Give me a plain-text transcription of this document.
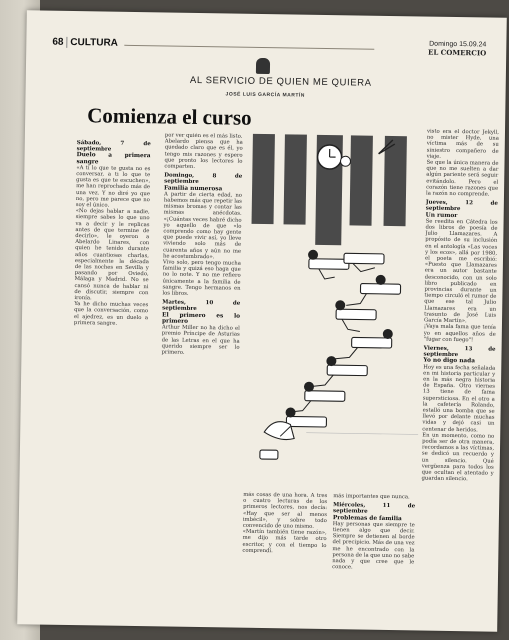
68 CULTURA	Domingo 15.09.24
EL COMERCIO
AL SERVICIO DE QUIEN ME QUIERA
JOSÉ LUIS GARCÍA MARTÍN
Comienza el curso
Sábado, 7 de septiembre
Duelo a primera sangre

«A tí lo que te gusta no es conversar, a ti lo que te gusta es que te escuchen», me han reprochado más de una vez. Y no diré yo que no, pero me parece que no soy el único.

«No dejas hablar a nadie, siempre sabes lo que uno va a decir y le replicas antes de que termine de decirlo», le oyeron a Abelardo Linares, con quien he tenido durante años cuantiosas charlas, especialmente la década de las noches en Sevilla y pasando por Oviedo, Málaga y Madrid. No se cansó nunca de hablar ni de discutir, siempre con ironía.

Ya he dicho muchas veces que la conversación, como el ajedrez, es un duelo a primera sangre.

por ver quién es el más listo.

Abelardo piensa que ha quedado claro que es él, yo tengo mis razones y espero que pronto los lectores lo comparten.

Domingo, 8 de septiembre
Familia numerosa

A partir de cierta edad, no habemos más que repetir las mismas bromas y contar las mismas anécdotas. «¡Cuántas veces habré dicho yo aquello de que «lo comprendo como hay gente que puede vivir así, yo lleve viviendo solo más de cuarenta años y aún no me he acostumbrado».

Vivo solo, pero tengo mucha familia y quizá eso haga que no lo note. Y no me refiero únicamente a la familia de sangre. Tengo hermanos en los libros.

Martes, 10 de septiembre
El primero es lo primero

Arthur Miller no ha dicho el premio Príncipe de Asturias de las Letras en el que ha querido siempre ser lo primero.

más cosas de una hora. A tres o cuatro lecturas de los primeros lectores, nos decía: «Hay que ser al menos imbécil», y sobre todo convencido de uno mismo.

«Martín también tiene razón», me dijo más tarde otro escritor, y con el tiempo lo comprendí.

más importantes que nunca.

Miércoles, 11 de septiembre
Problemas de familia

Hay personas que siempre te tienen algo que decir. Siempre se detienen al borde del precipicio. Más de una vez me he encontrado con la persona de la que uno no sabe nada y que cree que le conoce.

visto era el doctor Jekyll, no mister Hyde, una víctima más de su siniestro compañero de viaje.

Se que la única manera de que no me suelten a dar algún pariente será seguir evitándolo. Pero el corazón tiene razones que la razón no comprende.

Jueves, 12 de septiembre
Un rumor

Se reedita en Cátedra los dos libros de poesía de Julio Llamazares. A propósito de su inclusión en el antología «Las voces y los ecos», allá por 1980, el poeta me escribió: «Puesto que Llamazares era un autor bastante desconocido, con un solo libro publicado en provincias durante un tiempo circuló el rumor de que ese tal Julio Llamazares era un trasunto de José Luis García Martín».

¡Vaya mala fama que tenía yo en aquellos años de "fugar con fuego"!

Viernes, 13 de septiembre
Yo no digo nada

Hoy es una fecha señalada en mi historia particular y en la más negra historia de España. Otro viernes 13 tiene de fama supersticiosa. En el otro a la cafetería Rolando, estalló una bomba que se llevó por delante muchas vidas y dejó casi un centenar de heridos.

En un momento, como no podía ser de otra manera, recordamos a las víctimas, se dedicó un recuerdo y un silencio. Qué vergüenza para todos los que ocultan el atentado y guardan silencio.
